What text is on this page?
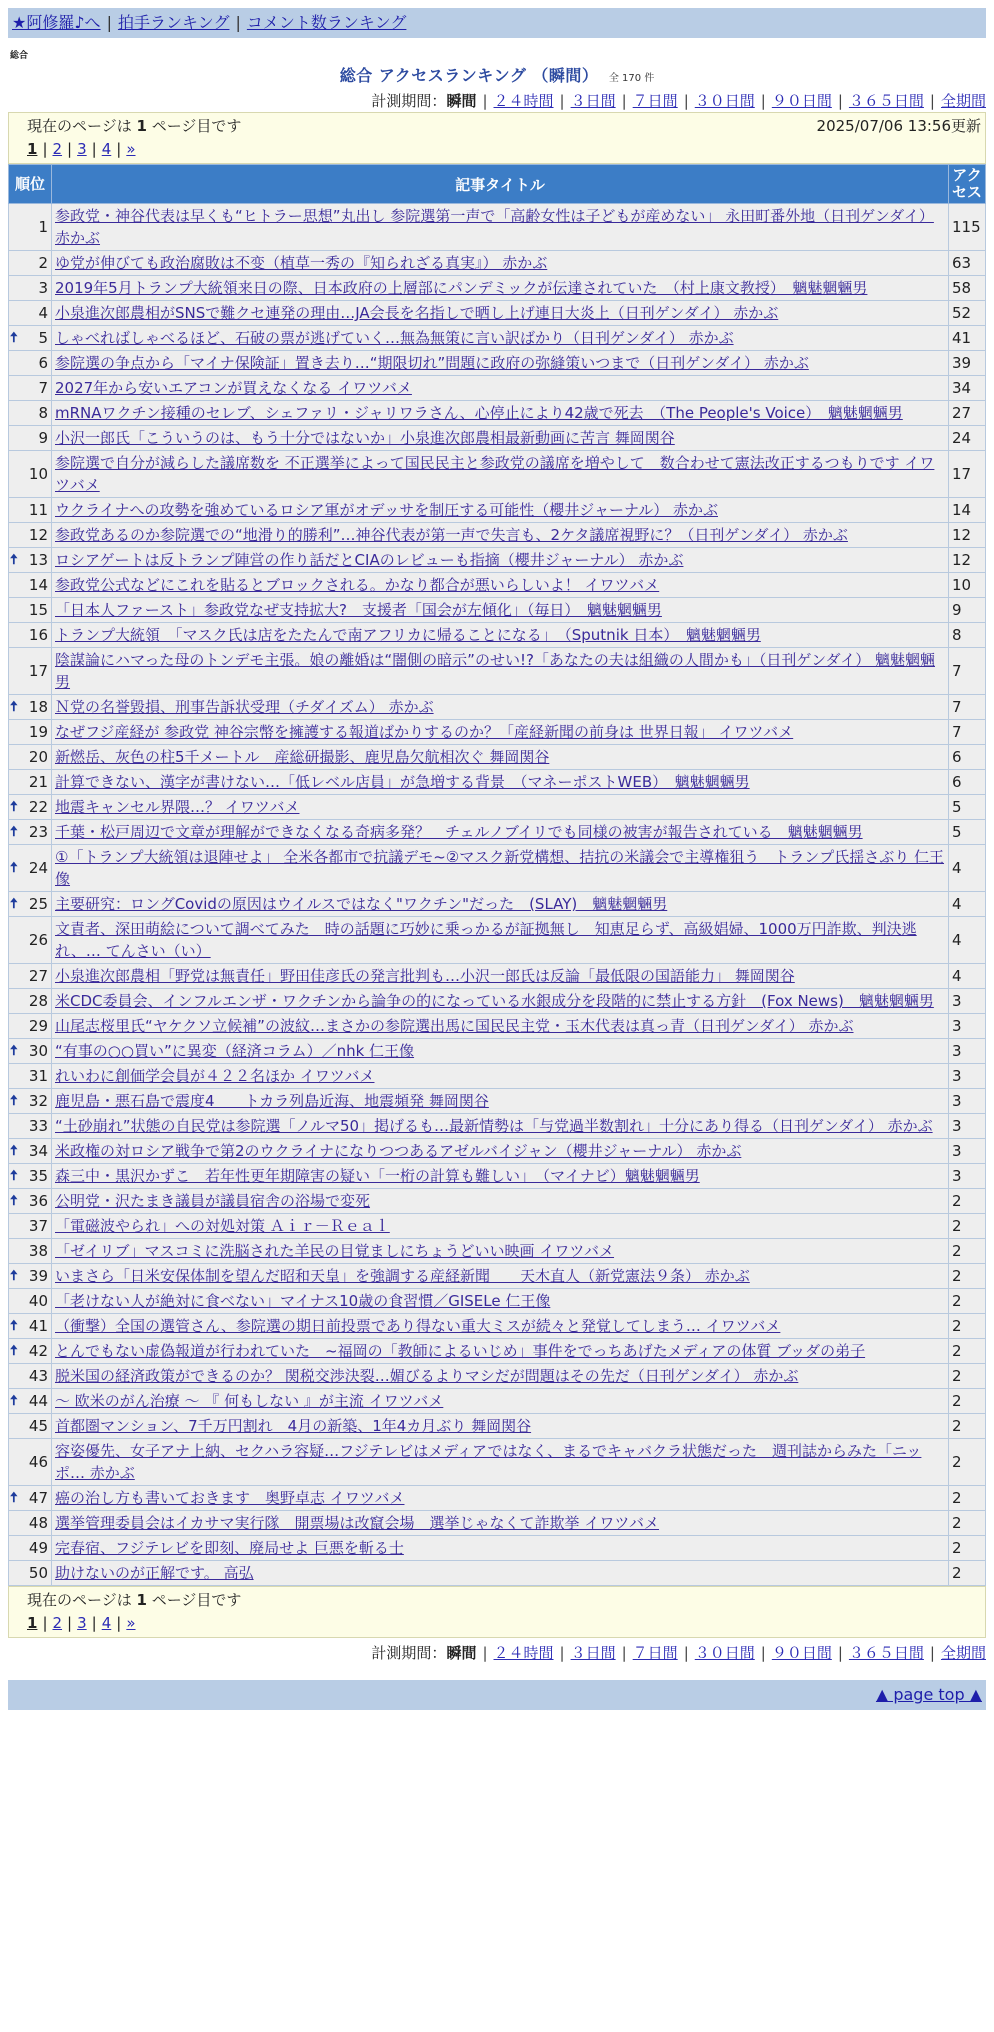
★阿修羅♪へ | 拍手ランキング | コメント数ランキング
総合
総合 アクセスランキング （瞬間） 全 170 件
計測期間：瞬間 | ２４時間 | ３日間 | ７日間 | ３０日間 | ９０日間 | ３６５日間 | 全期間
現在のページは 1 ページ目です	2025/07/06 13:56更新
1 | 2 | 3 | 4 | »
順位	記事タイトル	アクセス
1	参政党・神谷代表は早くも“ヒトラー思想”丸出し 参院選第一声で「高齢女性は子どもが産めない」 永田町番外地（日刊ゲンダイ） 赤かぶ	115
2	ゆ党が伸びても政治腐敗は不变（植草一秀の『知られざる真実』） 赤かぶ	63
3	2019年5月トランプ大統領来日の際、日本政府の上層部にパンデミックが伝達されていた　（村上康文教授）　魑魅魍魎男	58
4	小泉進次郎農相がSNSで難クセ連発の理由…JA会長を名指しで晒し上げ連日大炎上（日刊ゲンダイ） 赤かぶ	52

🠅 5	しゃべればしゃべるほど、石破の票が逃げていく…無為無策に言い訳ばかり（日刊ゲンダイ） 赤かぶ	41
6	参院選の争点から「マイナ保険証」置き去り…“期限切れ”問題に政府の弥縫策いつまで（日刊ゲンダイ） 赤かぶ	39
7	2027年から安いエアコンが買えなくなる イワツバメ	34
8	mRNAワクチン接種のセレブ、シェファリ・ジャリワラさん、心停止により42歳で死去　（The People's Voice）　魑魅魍魎男	27
9	小沢一郎氏「こういうのは、もう十分ではないか」小泉進次郎農相最新動画に苦言 舞岡関谷	24
10	参院選で自分が減らした議席数を 不正選挙によって国民民主と参政党の議席を増やして　数合わせて憲法改正するつもりです イワツバメ	17
11	ウクライナへの攻勢を強めているロシア軍がオデッサを制圧する可能性（櫻井ジャーナル） 赤かぶ	14
12	参政党あるのか参院選での“地滑り的勝利”…神谷代表が第一声で失言も、2ケタ議席視野に？（日刊ゲンダイ） 赤かぶ	12

🠅 13	ロシアゲートは反トランプ陣営の作り話だとCIAのレビューも指摘（櫻井ジャーナル） 赤かぶ	12
14	参政党公式などにこれを貼るとブロックされる。かなり都合が悪いらしいよ！ イワツバメ	10
15	「日本人ファースト」参政党なぜ支持拡大?　支援者「国会が左傾化」（毎日）　魑魅魍魎男	9
16	トランプ大統領　「マスク氏は店をたたんで南アフリカに帰ることになる」　（Sputnik 日本）　魑魅魍魎男	8
17	陰謀論にハマった母のトンデモ主張。娘の離婚は“闇側の暗示”のせい!?「あなたの夫は組織の人間かも」（日刊ゲンダイ） 魑魅魍魎男	7

🠅 18	Ｎ党の名誉毀損、刑事告訴状受理（チダイズム） 赤かぶ	7
19	なぜフジ産経が 参政党 神谷宗幣を擁護する報道ばかりするのか？「産経新聞の前身は 世界日報」 イワツバメ	7
20	新燃岳、灰色の柱5千メートル　産総研撮影、鹿児島欠航相次ぐ 舞岡関谷	6
21	計算できない、漢字が書けない…「低レベル店員」が急増する背景　（マネーポストWEB）　魑魅魍魎男	6

🠅 22	地震キャンセル界隈…？ イワツバメ	5

🠅 23	千葉・松戸周辺で文章が理解ができなくなる奇病多発？　チェルノブイリでも同様の被害が報告されている　魑魅魍魎男	5

🠅 24	①「トランプ大統領は退陣せよ」 全米各都市で抗議デモ~②マスク新党構想、拮抗の米議会で主導権狙う　トランプ氏揺さぶり 仁王像	4

🠅 25	主要研究：ロングCovidの原因はウイルスではなく"ワクチン"だった　(SLAY)　魑魅魍魎男	4
26	文責者、深田萌絵について調べてみた　時の話題に巧妙に乗っかるが証拠無し　知恵足らず、高級娼婦、1000万円詐欺、判決逃れ、… てんさい（い）	4
27	小泉進次郎農相「野党は無責任」野田佳彦氏の発言批判も…小沢一郎氏は反論「最低限の国語能力」 舞岡関谷	4
28	米CDC委員会、インフルエンザ・ワクチンから論争の的になっている水銀成分を段階的に禁止する方針　(Fox News)　魑魅魍魎男	3
29	山尾志桜里氏“ヤケクソ立候補”の波紋…まさかの参院選出馬に国民民主党・玉木代表は真っ青（日刊ゲンダイ） 赤かぶ	3

🠅 30	“有事の○○買い”に異変（経済コラム）／nhk 仁王像	3
31	れいわに創価学会員が４２２名ほか イワツバメ	3

🠅 32	鹿児島・悪石島で震度4　　トカラ列島近海、地震頻発 舞岡関谷	3
33	“土砂崩れ”状態の自民党は参院選「ノルマ50」掲げるも…最新情勢は「与党過半数割れ」十分にあり得る（日刊ゲンダイ） 赤かぶ	3

🠅 34	米政権の対ロシア戦争で第2のウクライナになりつつあるアゼルバイジャン（櫻井ジャーナル） 赤かぶ	3

🠅 35	森三中・黒沢かずこ　若年性更年期障害の疑い「一桁の計算も難しい」　（マイナビ）魑魅魍魎男	3

🠅 36	公明党・沢たまき議員が議員宿舎の浴場で変死	2
37	「電磁波やられ」への対処対策 Ａｉｒ－Ｒｅａｌ	2
38	「ゼイリブ」マスコミに洗脳された羊民の目覚ましにちょうどいい映画 イワツバメ	2

🠅 39	いまさら「日米安保体制を望んだ昭和天皇」を強調する産経新聞　　天木直人（新党憲法９条） 赤かぶ	2
40	「老けない人が絶対に食べない」マイナス10歳の食習慣／GISELe 仁王像	2

🠅 41	（衝撃）全国の選管さん、参院選の期日前投票であり得ない重大ミスが続々と発覚してしまう… イワツバメ	2

🠅 42	とんでもない虚偽報道が行われていた　~福岡の「教師によるいじめ」事件をでっちあげたメディアの体質 ブッダの弟子	2
43	脱米国の経済政策ができるのか？ 関税交渉決裂…媚びるよりマシだが問題はその先だ（日刊ゲンダイ） 赤かぶ	2

🠅 44	～ 欧米のがん治療 ～ 『 何もしない 』が主流 イワツバメ	2
45	首都圏マンション、7千万円割れ　4月の新築、1年4カ月ぶり 舞岡関谷	2
46	容姿優先、女子アナ上納、セクハラ容疑…フジテレビはメディアではなく、まるでキャバクラ状態だった　週刊誌からみた「ニッポ… 赤かぶ	2

🠅 47	癌の治し方も書いておきます　奥野卓志 イワツバメ	2
48	選挙管理委員会はイカサマ実行隊　開票場は改竄会場　選挙じゃなくて詐欺挙 イワツバメ	2
49	完春宿、フジテレビを即刻、廃局せよ 巨悪を斬る士	2
50	助けないのが正解です。 高弘	2
現在のページは 1 ページ目です
1 | 2 | 3 | 4 | »
計測期間：瞬間 | ２４時間 | ３日間 | ７日間 | ３０日間 | ９０日間 | ３６５日間 | 全期間
▲ page top ▲
